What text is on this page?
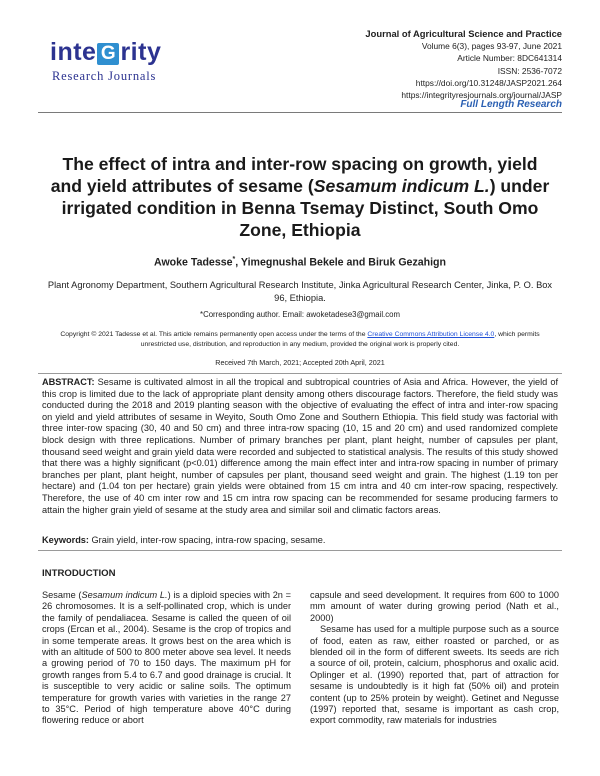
inte G rity
Research Journals
Journal of Agricultural Science and Practice
Volume 6(3), pages 93-97, June 2021
Article Number: 8DC641314
ISSN: 2536-7072
https://doi.org/10.31248/JASP2021.264
https://integrityresjournals.org/journal/JASP
Full Length Research
The effect of intra and inter-row spacing on growth, yield and yield attributes of sesame (Sesamum indicum L.) under irrigated condition in Benna Tsemay Distinct, South Omo Zone, Ethiopia
Awoke Tadesse*, Yimegnushal Bekele and Biruk Gezahign
Plant Agronomy Department, Southern Agricultural Research Institute, Jinka Agricultural Research Center, Jinka, P. O. Box 96, Ethiopia.
*Corresponding author. Email: awoketadese3@gmail.com
Copyright © 2021 Tadesse et al. This article remains permanently open access under the terms of the Creative Commons Attribution License 4.0, which permits unrestricted use, distribution, and reproduction in any medium, provided the original work is properly cited.
Received 7th March, 2021; Accepted 20th April, 2021
ABSTRACT: Sesame is cultivated almost in all the tropical and subtropical countries of Asia and Africa. However, the yield of this crop is limited due to the lack of appropriate plant density among others discourage factors. Therefore, the field study was conducted during the 2018 and 2019 planting season with the objective of evaluating the effect of intra and inter-row spacing on yield and yield attributes of sesame in Weyito, South Omo Zone and Southern Ethiopia. This field study was factorial with three inter-row spacing (30, 40 and 50 cm) and three intra-row spacing (10, 15 and 20 cm) and used randomized complete block design with three replications. Number of primary branches per plant, plant height, number of capsules per plant, thousand seed weight and grain yield data were recorded and subjected to statistical analysis. The results of this study showed that there was a highly significant (p<0.01) difference among the main effect inter and intra-row spacing in number of primary branches per plant, plant height, number of capsules per plant, thousand seed weight and grain. The highest (1.19 ton per hectare) and (1.04 ton per hectare) grain yields were obtained from 15 cm intra and 40 cm inter-row spacing, respectively. Therefore, the use of 40 cm inter row and 15 cm intra row spacing can be recommended for sesame producing farmers to attain the higher grain yield of sesame at the study area and similar soil and climatic factors areas.
Keywords: Grain yield, inter-row spacing, intra-row spacing, sesame.
INTRODUCTION

Sesame (Sesamum indicum L.) is a diploid species with 2n = 26 chromosomes. It is a self-pollinated crop, which is under the family of pendaliacea. Sesame is called the queen of oil crops (Ercan et al., 2004). Sesame is the crop of tropics and in some temperate areas. It grows best on the area which is with an altitude of 500 to 800 meter above sea level. It needs a growing period of 70 to 150 days. The maximum pH for growth ranges from 5.4 to 6.7 and good drainage is crucial. It is susceptible to very acidic or saline soils. The optimum temperature for growth varies with varieties in the range 27 to 35°C. Period of high temperature above 40°C during flowering reduce or abort

capsule and seed development. It requires from 600 to 1000 mm amount of water during growing period (Nath et al., 2000)

Sesame has used for a multiple purpose such as a source of food, eaten as raw, either roasted or parched, or as blended oil in the form of different sweets. Its seeds are rich a source of oil, protein, calcium, phosphorus and oxalic acid. Oplinger et al. (1990) reported that, part of attraction for sesame is undoubtedly is it high fat (50% oil) and protein content (up to 25% protein by weight). Getinet and Negusse (1997) reported that, sesame is important as cash crop, export commodity, raw materials for industries
